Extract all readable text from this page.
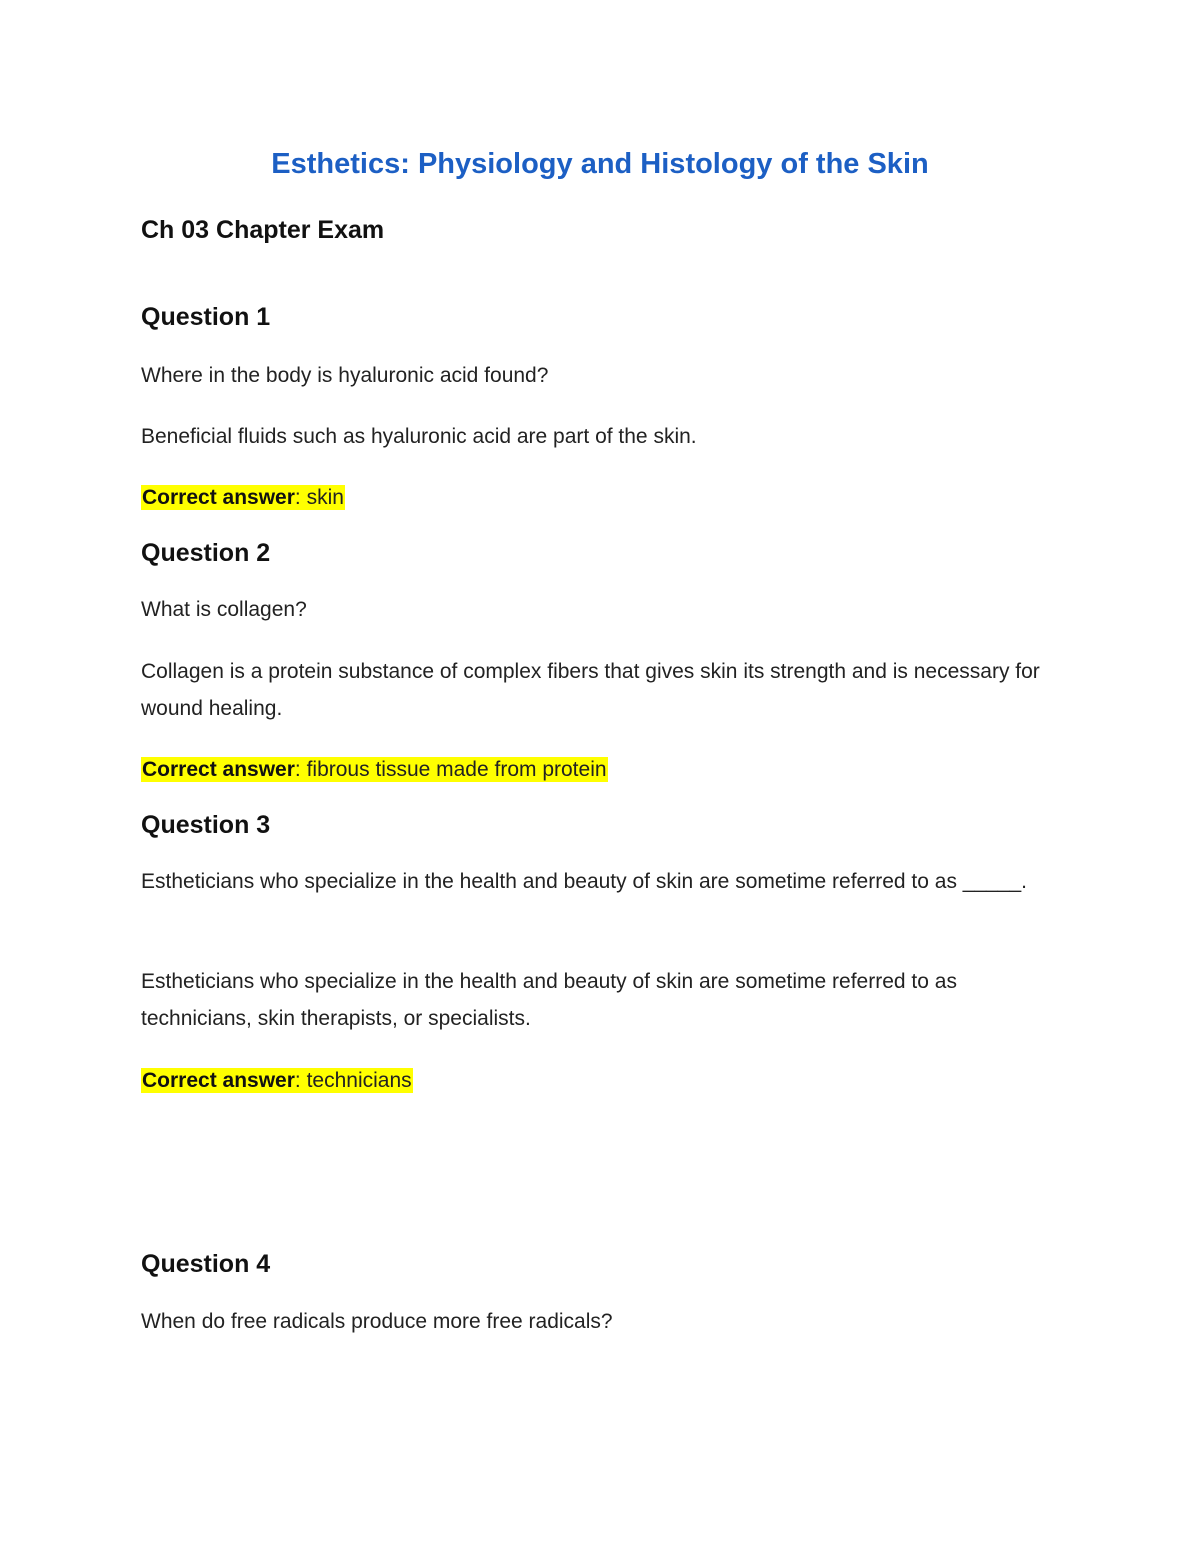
Esthetics: Physiology and Histology of the Skin
Ch 03 Chapter Exam
Question 1

Where in the body is hyaluronic acid found?

Beneficial fluids such as hyaluronic acid are part of the skin.

Correct answer: skin

Question 2

What is collagen?

Collagen is a protein substance of complex fibers that gives skin its strength and is necessary for wound healing.

Correct answer: fibrous tissue made from protein

Question 3

Estheticians who specialize in the health and beauty of skin are sometime referred to as _____.

Estheticians who specialize in the health and beauty of skin are sometime referred to as technicians, skin therapists, or specialists.

Correct answer: technicians

Question 4

When do free radicals produce more free radicals?
